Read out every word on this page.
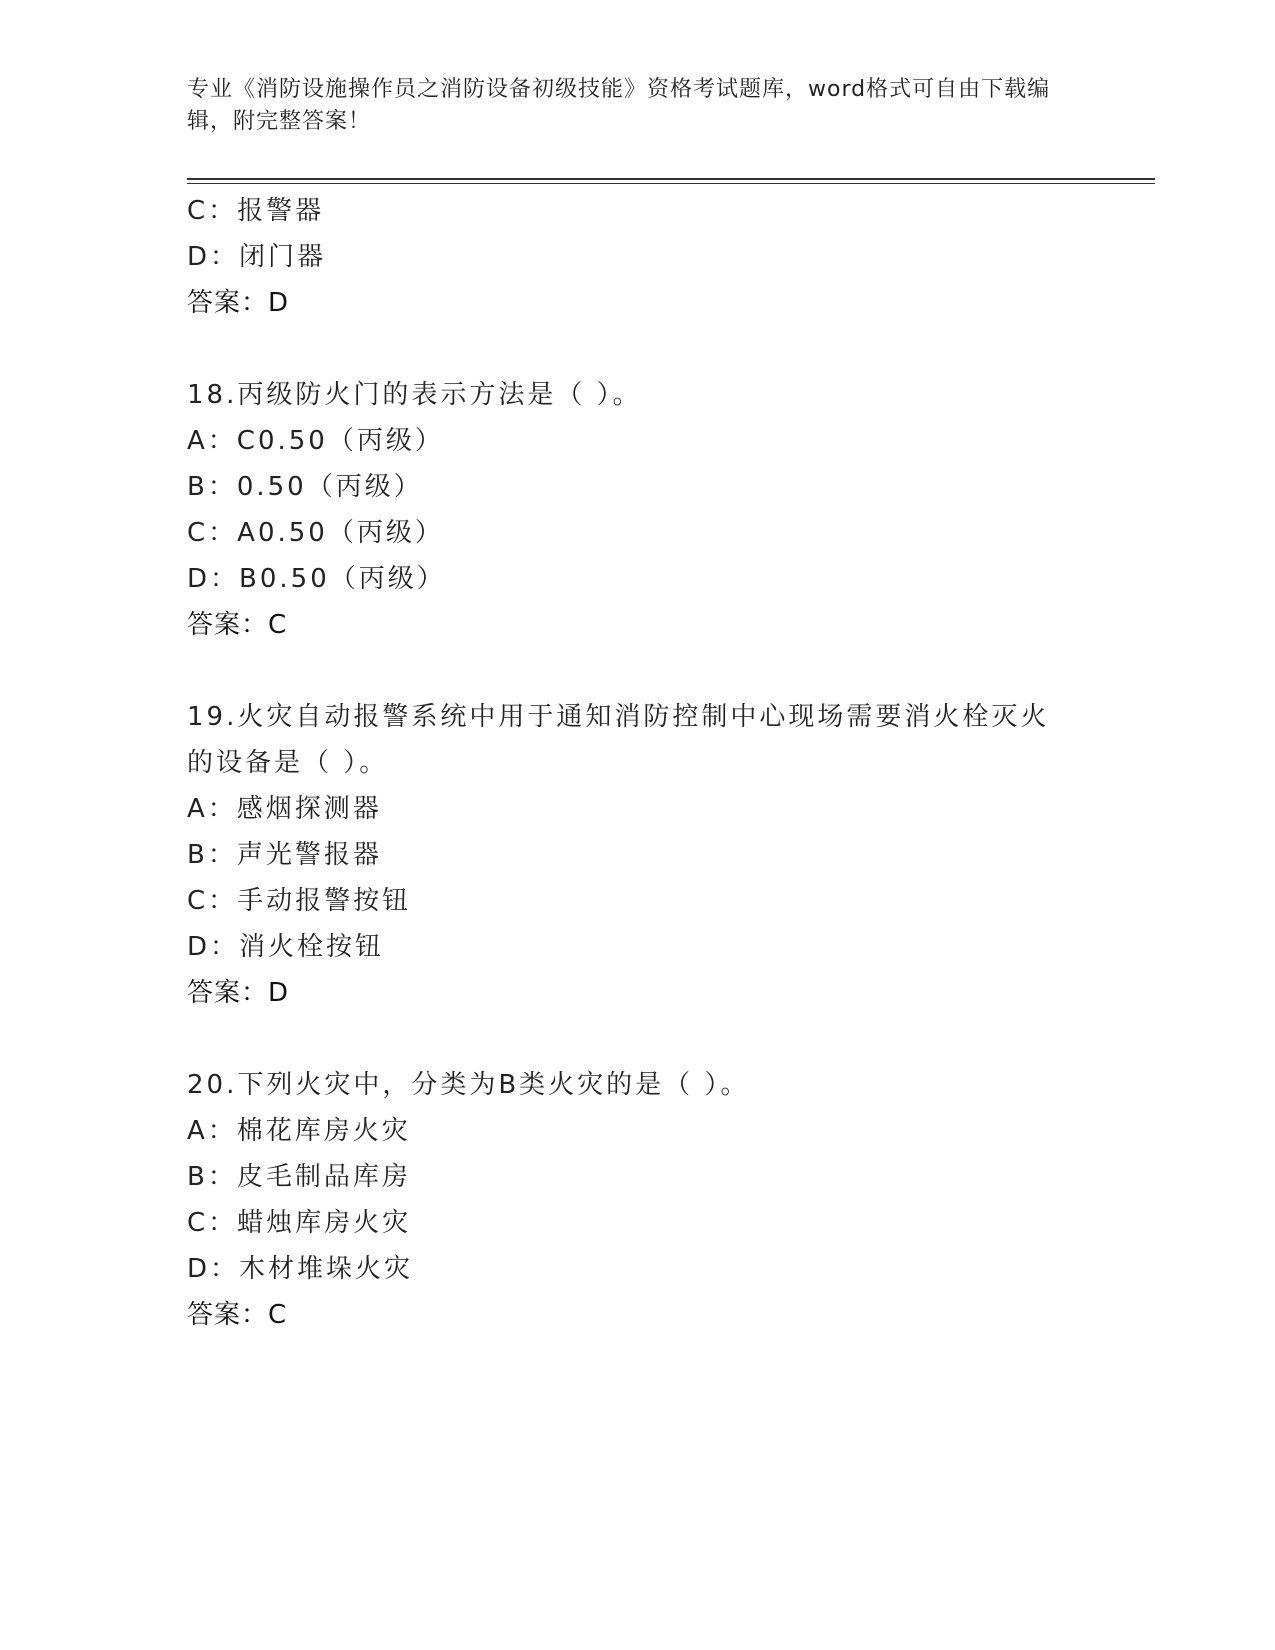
专业《消防设施操作员之消防设备初级技能》资格考试题库，word格式可自由下载编辑，附完整答案！
C：报警器
D：闭门器
答案：D
18.丙级防火门的表示方法是（ ）。
A：C0.50（丙级）
B：0.50（丙级）
C：A0.50（丙级）
D：B0.50（丙级）
答案：C
19.火灾自动报警系统中用于通知消防控制中心现场需要消火栓灭火的设备是（ ）。
A：感烟探测器
B：声光警报器
C：手动报警按钮
D：消火栓按钮
答案：D
20.下列火灾中，分类为B类火灾的是（ ）。
A：棉花库房火灾
B：皮毛制品库房
C：蜡烛库房火灾
D：木材堆垛火灾
答案：C
